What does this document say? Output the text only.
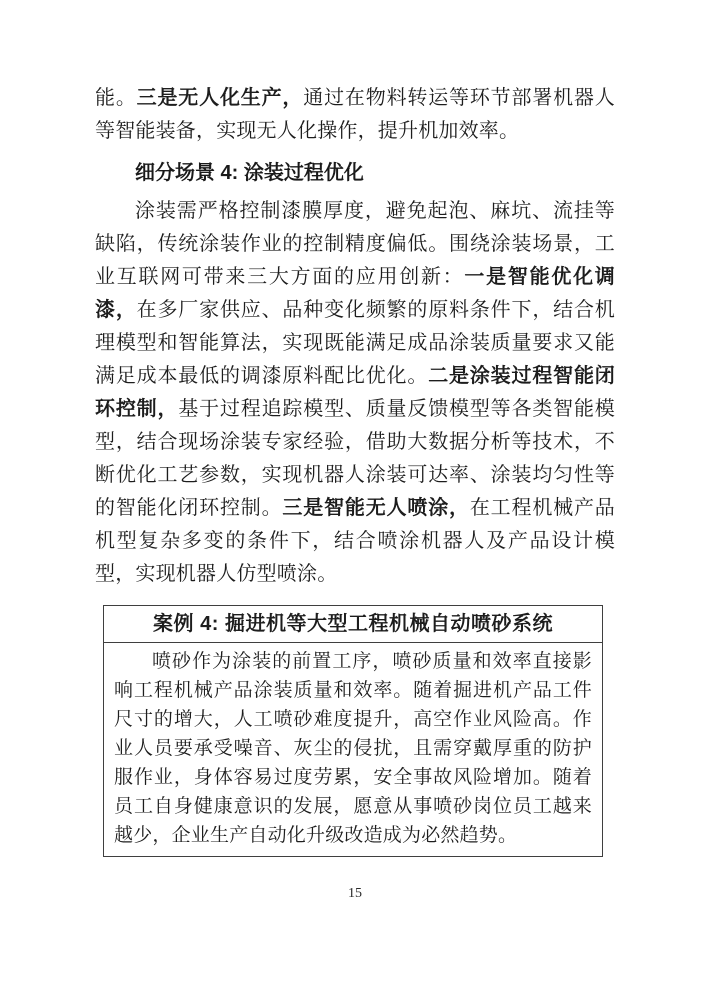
能。三是无人化生产，通过在物料转运等环节部署机器人等智能装备，实现无人化操作，提升机加效率。

细分场景 4: 涂装过程优化

涂装需严格控制漆膜厚度，避免起泡、麻坑、流挂等缺陷，传统涂装作业的控制精度偏低。围绕涂装场景，工业互联网可带来三大方面的应用创新：一是智能优化调漆，在多厂家供应、品种变化频繁的原料条件下，结合机理模型和智能算法，实现既能满足成品涂装质量要求又能满足成本最低的调漆原料配比优化。二是涂装过程智能闭环控制，基于过程追踪模型、质量反馈模型等各类智能模型，结合现场涂装专家经验，借助大数据分析等技术，不断优化工艺参数，实现机器人涂装可达率、涂装均匀性等的智能化闭环控制。三是智能无人喷涂，在工程机械产品机型复杂多变的条件下，结合喷涂机器人及产品设计模型，实现机器人仿型喷涂。

案例 4: 掘进机等大型工程机械自动喷砂系统
喷砂作为涂装的前置工序，喷砂质量和效率直接影响工程机械产品涂装质量和效率。随着掘进机产品工件尺寸的增大，人工喷砂难度提升，高空作业风险高。作业人员要承受噪音、灰尘的侵扰，且需穿戴厚重的防护服作业，身体容易过度劳累，安全事故风险增加。随着员工自身健康意识的发展，愿意从事喷砂岗位员工越来越少，企业生产自动化升级改造成为必然趋势。
15
